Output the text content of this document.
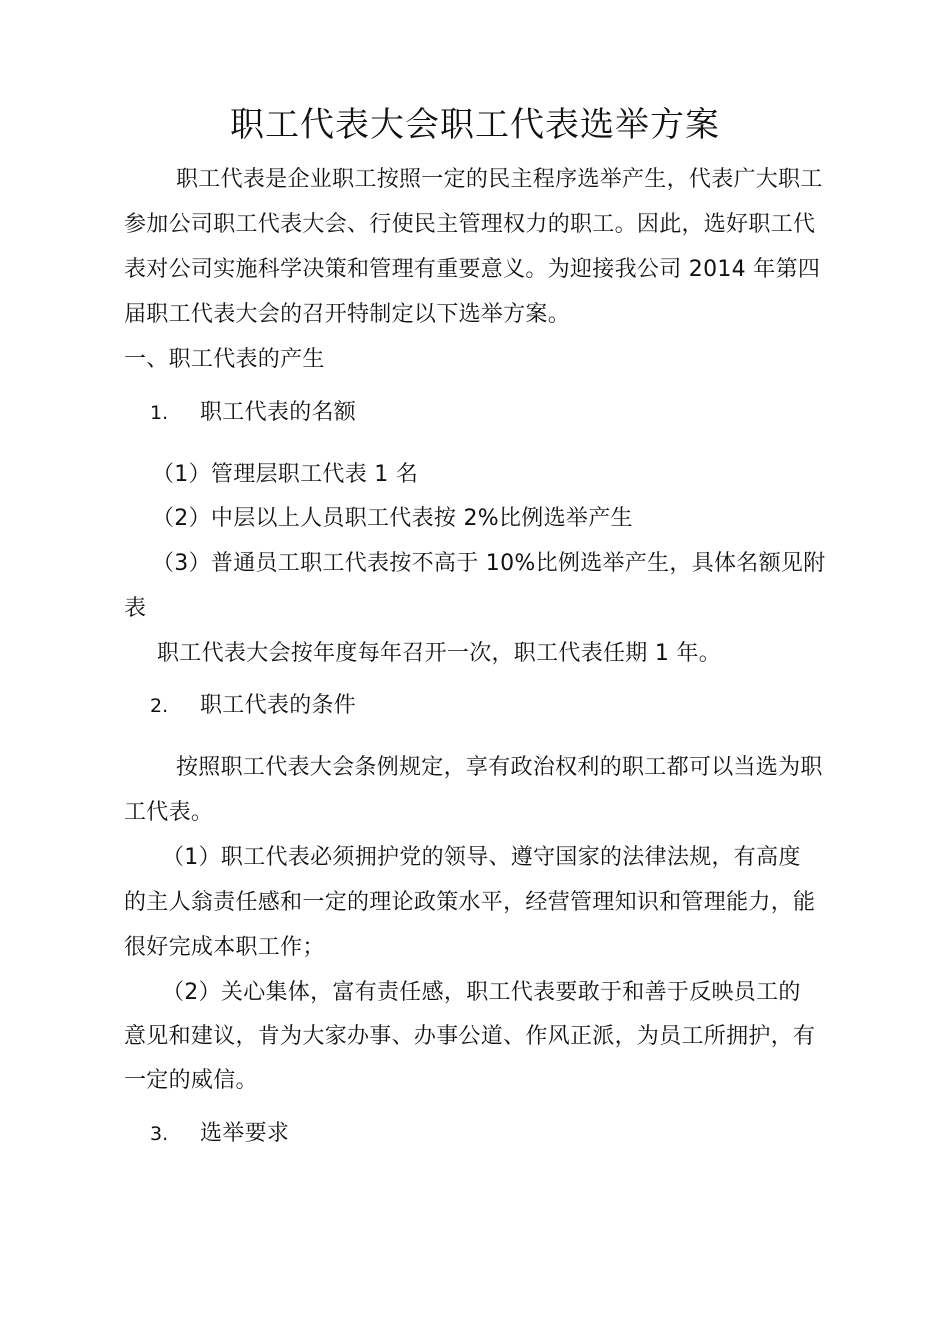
职工代表大会职工代表选举方案
职工代表是企业职工按照一定的民主程序选举产生，代表广大职工
参加公司职工代表大会、行使民主管理权力的职工。因此，选好职工代
表对公司实施科学决策和管理有重要意义。为迎接我公司 2014 年第四
届职工代表大会的召开特制定以下选举方案。
一、职工代表的产生
1. 职工代表的名额
（1）管理层职工代表 1 名
（2）中层以上人员职工代表按 2%比例选举产生
（3）普通员工职工代表按不高于 10%比例选举产生，具体名额见附
表
职工代表大会按年度每年召开一次，职工代表任期 1 年。
2. 职工代表的条件
按照职工代表大会条例规定，享有政治权利的职工都可以当选为职
工代表。
（1）职工代表必须拥护党的领导、遵守国家的法律法规，有高度
的主人翁责任感和一定的理论政策水平，经营管理知识和管理能力，能
很好完成本职工作；
（2）关心集体，富有责任感，职工代表要敢于和善于反映员工的
意见和建议，肯为大家办事、办事公道、作风正派，为员工所拥护，有
一定的威信。
3. 选举要求
